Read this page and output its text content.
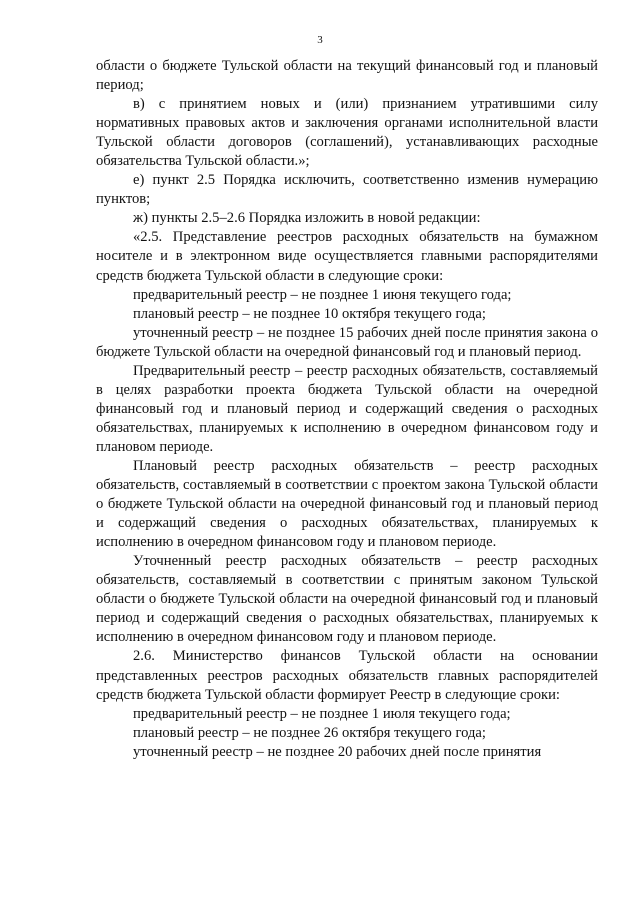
3

области о бюджете Тульской области на текущий финансовый год и плановый период;

в) с принятием новых и (или) признанием утратившими силу нормативных правовых актов и заключения органами исполнительной власти Тульской области договоров (соглашений), устанавливающих расходные обязательства Тульской области.»;

е) пункт 2.5 Порядка исключить, соответственно изменив нумерацию пунктов;

ж) пункты 2.5–2.6 Порядка изложить в новой редакции:

«2.5. Представление реестров расходных обязательств на бумажном носителе и в электронном виде осуществляется главными распорядителями средств бюджета Тульской области в следующие сроки:

предварительный реестр – не позднее 1 июня текущего года;

плановый реестр – не позднее 10 октября текущего года;

уточненный реестр – не позднее 15 рабочих дней после принятия закона о бюджете Тульской области на очередной финансовый год и плановый период.

Предварительный реестр – реестр расходных обязательств, составляемый в целях разработки проекта бюджета Тульской области на очередной финансовый год и плановый период и содержащий сведения о расходных обязательствах, планируемых к исполнению в очередном финансовом году и плановом периоде.

Плановый реестр расходных обязательств – реестр расходных обязательств, составляемый в соответствии с проектом закона Тульской области о бюджете Тульской области на очередной финансовый год и плановый период и содержащий сведения о расходных обязательствах, планируемых к исполнению в очередном финансовом году и плановом периоде.

Уточненный реестр расходных обязательств – реестр расходных обязательств, составляемый в соответствии с принятым законом Тульской области о бюджете Тульской области на очередной финансовый год и плановый период и содержащий сведения о расходных обязательствах, планируемых к исполнению в очередном финансовом году и плановом периоде.

2.6. Министерство финансов Тульской области на основании представленных реестров расходных обязательств главных распорядителей средств бюджета Тульской области формирует Реестр в следующие сроки:

предварительный реестр – не позднее 1 июля текущего года;

плановый реестр – не позднее 26 октября текущего года;

уточненный реестр – не позднее 20 рабочих дней после принятия
